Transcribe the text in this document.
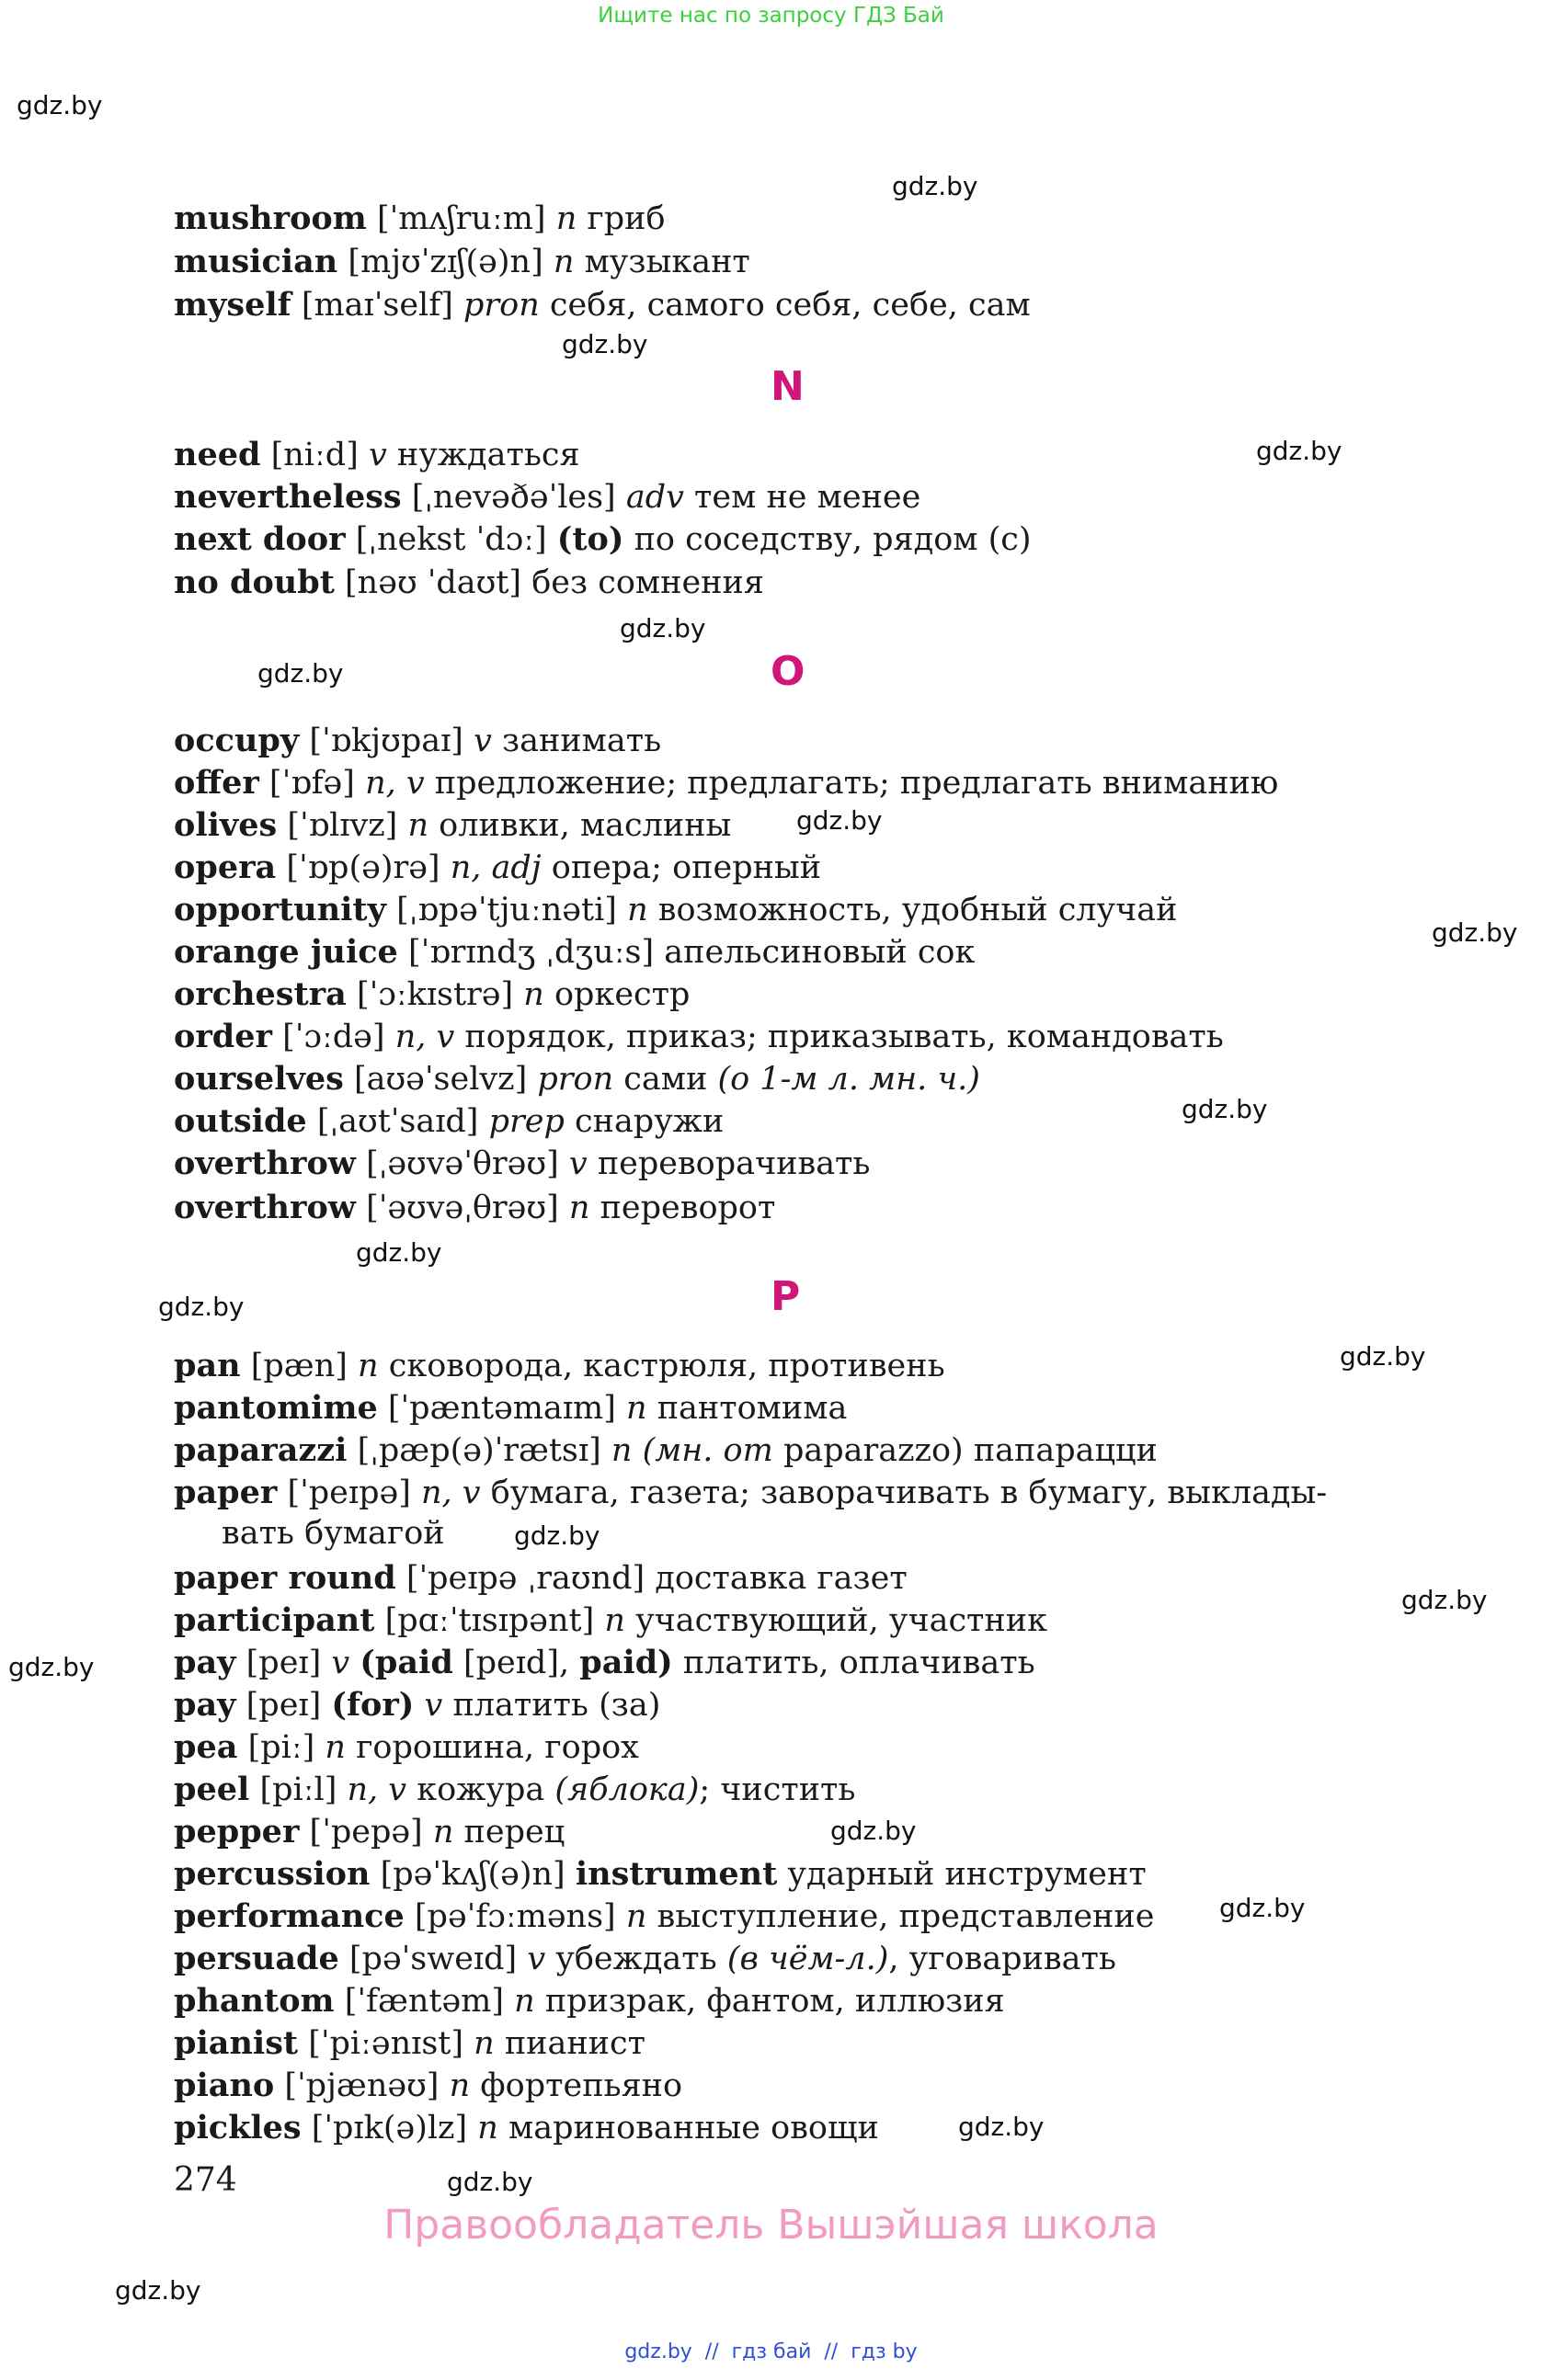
Ищите нас по запросу ГДЗ Бай
gdz.by
gdz.by
gdz.by
gdz.by
gdz.by
gdz.by
gdz.by
gdz.by
gdz.by
gdz.by
gdz.by
gdz.by
gdz.by
gdz.by
gdz.by
gdz.by
gdz.by
gdz.by
gdz.by
gdz.by
mushroom [ˈmʌʃruːm] n гриб
musician [mjʊˈzɪʃ(ə)n] n музыкант
myself [maɪˈself] pron себя, самого себя, себе, сам
N
need [niːd] v нуждаться
nevertheless [ˌnevəðəˈles] adv тем не менее
next door [ˌnekst ˈdɔː] (to) по соседству, рядом (с)
no doubt [nəʊ ˈdaʊt] без сомнения
O
occupy [ˈɒkjʊpaɪ] v занимать
offer [ˈɒfə] n, v предложение; предлагать; предлагать вниманию
olives [ˈɒlɪvz] n оливки, маслины
opera [ˈɒp(ə)rə] n, adj опера; оперный
opportunity [ˌɒpəˈtjuːnəti] n возможность, удобный случай
orange juice [ˈɒrɪndʒ ˌdʒuːs] апельсиновый сок
orchestra [ˈɔːkɪstrə] n оркестр
order [ˈɔːdə] n, v порядок, приказ; приказывать, командовать
ourselves [aʊəˈselvz] pron сами (о 1-м л. мн. ч.)
outside [ˌaʊtˈsaɪd] prep снаружи
overthrow [ˌəʊvəˈθrəʊ] v переворачивать
overthrow [ˈəʊvəˌθrəʊ] n переворот
P
pan [pæn] n сковорода, кастрюля, противень
pantomime [ˈpæntəmaɪm] n пантомима
paparazzi [ˌpæp(ə)ˈrætsɪ] n (мн. от paparazzo) папарацци
paper [ˈpeɪpə] n, v бумага, газета; заворачивать в бумагу, выклады-
вать бумагой
paper round [ˈpeɪpə ˌraʊnd] доставка газет
participant [pɑːˈtɪsɪpənt] n участвующий, участник
pay [peɪ] v (paid [peɪd], paid) платить, оплачивать
pay [peɪ] (for) v платить (за)
pea [piː] n горошина, горох
peel [piːl] n, v кожура (яблока); чистить
pepper [ˈpepə] n перец
percussion [pəˈkʌʃ(ə)n] instrument ударный инструмент
performance [pəˈfɔːməns] n выступление, представление
persuade [pəˈsweɪd] v убеждать (в чём-л.), уговаривать
phantom [ˈfæntəm] n призрак, фантом, иллюзия
pianist [ˈpiːənɪst] n пианист
piano [ˈpjænəʊ] n фортепьяно
pickles [ˈpɪk(ə)lz] n маринованные овощи
274
Правообладатель Вышэйшая школа
gdz.by  //  гдз бай  //  гдз by
